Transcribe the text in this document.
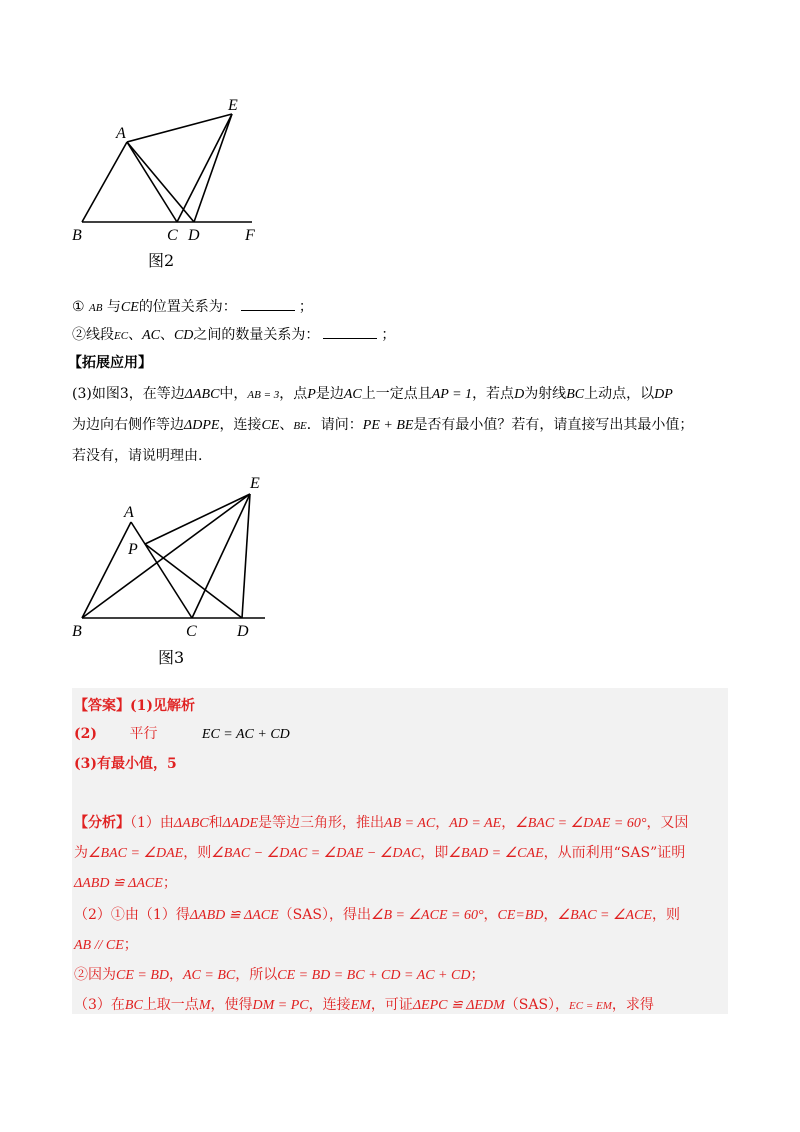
A
E
B	C D	F
图2
① AB 与CE的位置关系为：	；
②线段EC、AC、CD之间的数量关系为：	；
【拓展应用】
(3)如图3，在等边ΔABC中，AB = 3，点P是边AC上一定点且AP = 1，若点D为射线BC上动点，以DP
为边向右侧作等边ΔDPE，连接CE、BE．请问：PE + BE是否有最小值？若有，请直接写出其最小值；
若没有，请说明理由.
E
A
P
B	C	D
图3
【答案】(1)见解析
(2) 平行	EC = AC + CD
(3)有最小值，5
【分析】（1）由ΔABC和ΔADE是等边三角形，推出AB = AC，AD = AE，∠BAC = ∠DAE = 60°，又因
为∠BAC = ∠DAE，则∠BAC − ∠DAC = ∠DAE − ∠DAC，即∠BAD = ∠CAE，从而利用“SAS”证明
ΔABD ≌ ΔACE；
（2）①由（1）得ΔABD ≌ ΔACE（SAS），得出∠B = ∠ACE = 60°，CE=BD，∠BAC = ∠ACE，则
AB // CE；
②因为CE = BD，AC = BC，所以CE = BD = BC + CD = AC + CD；
（3）在BC上取一点M，使得DM = PC，连接EM，可证ΔEPC ≌ ΔEDM（SAS），EC = EM，求得
